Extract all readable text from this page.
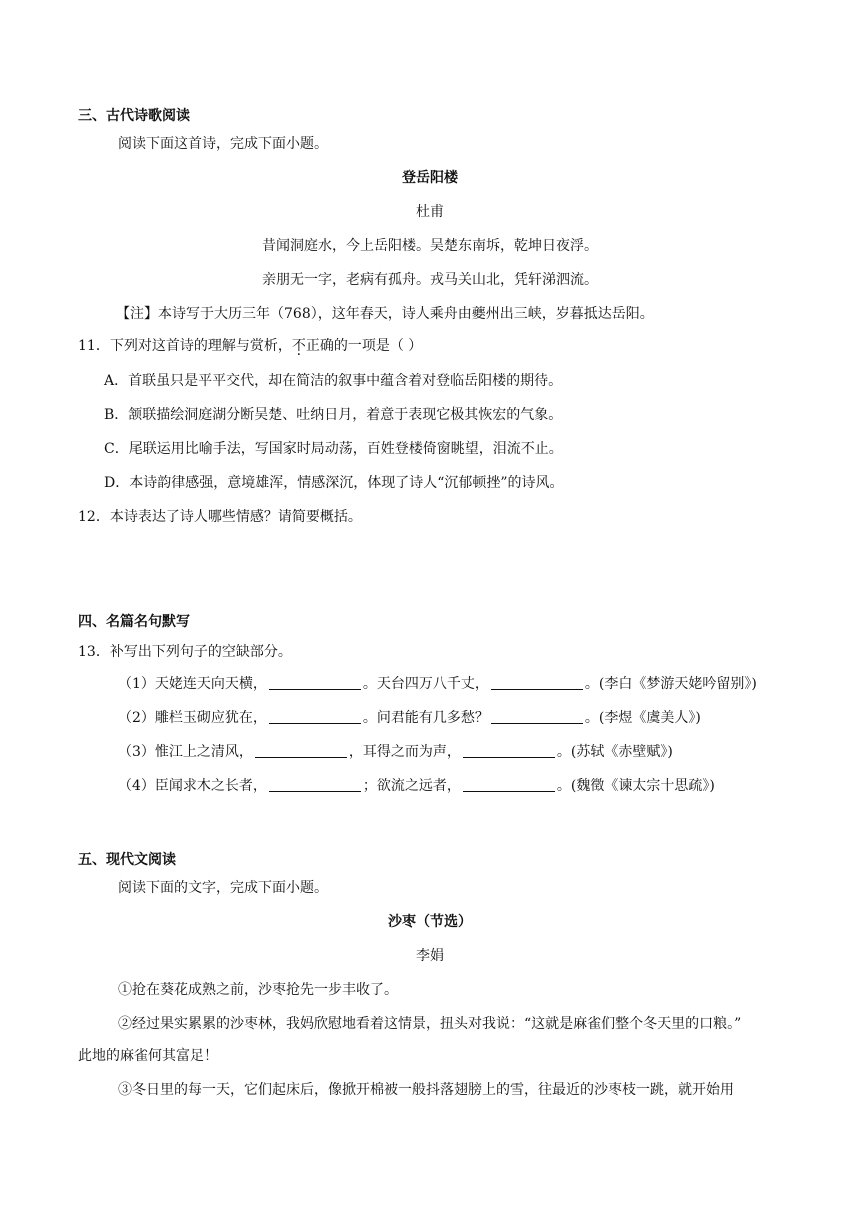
三、古代诗歌阅读
阅读下面这首诗，完成下面小题。
登岳阳楼
杜甫
昔闻洞庭水，今上岳阳楼。吴楚东南坼，乾坤日夜浮。
亲朋无一字，老病有孤舟。戎马关山北，凭轩涕泗流。
【注】本诗写于大历三年（768），这年春天，诗人乘舟由夔州出三峡，岁暮抵达岳阳。
11．下列对这首诗的理解与赏析，不正确的一项是（ ）
A．首联虽只是平平交代，却在简洁的叙事中蕴含着对登临岳阳楼的期待。
B．颔联描绘洞庭湖分断吴楚、吐纳日月，着意于表现它极其恢宏的气象。
C．尾联运用比喻手法，写国家时局动荡，百姓登楼倚窗眺望，泪流不止。
D．本诗韵律感强，意境雄浑，情感深沉，体现了诗人“沉郁顿挫”的诗风。
12．本诗表达了诗人哪些情感？请简要概括。
四、名篇名句默写
13．补写出下列句子的空缺部分。
（1）天姥连天向天横，	。天台四万八千丈，	。(李白《梦游天姥吟留别》)
（2）雕栏玉砌应犹在，	。问君能有几多愁？	。(李煜《虞美人》)
（3）惟江上之清风，	，耳得之而为声，	。(苏轼《赤壁赋》)
（4）臣闻求木之长者，	；欲流之远者，	。(魏徵《谏太宗十思疏》)
五、现代文阅读
阅读下面的文字，完成下面小题。
沙枣（节选）
李娟
①抢在葵花成熟之前，沙枣抢先一步丰收了。
②经过果实累累的沙枣林，我妈欣慰地看着这情景，扭头对我说：“这就是麻雀们整个冬天里的口粮。”
此地的麻雀何其富足！
③冬日里的每一天，它们起床后，像掀开棉被一般抖落翅膀上的雪，往最近的沙枣枝一跳，就开始用
